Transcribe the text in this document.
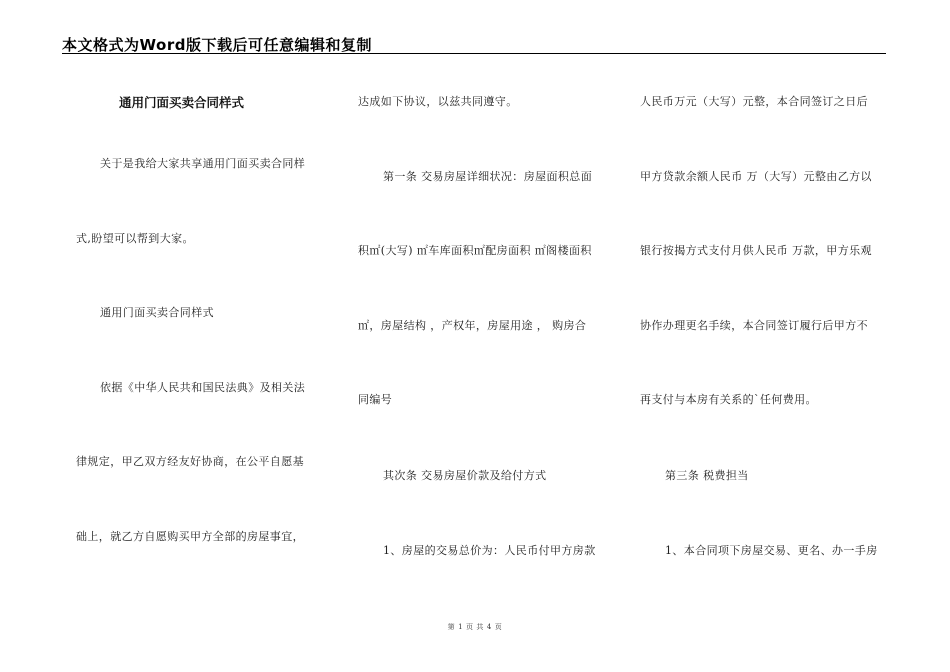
本文格式为Word版下载后可任意编辑和复制
通用门面买卖合同样式
关于是我给大家共享通用门面买卖合同样
式,盼望可以帮到大家。
通用门面买卖合同样式
依据《中华人民共和国民法典》及相关法
律规定，甲乙双方经友好协商，在公平自愿基
础上，就乙方自愿购买甲方全部的房屋事宜，
达成如下协议，以兹共同遵守。
第一条 交易房屋详细状况：房屋面积总面
积㎡(大写) ㎡车库面积㎡配房面积 ㎡阁楼面积
㎡，房屋结构 ，产权年，房屋用途 ， 购房合
同编号
其次条 交易房屋价款及给付方式
1、房屋的交易总价为：人民币付甲方房款
人民币万元（大写）元整，本合同签订之日后
甲方贷款余额人民币 万（大写）元整由乙方以
银行按揭方式支付月供人民币 万款，甲方乐观
协作办理更名手续，本合同签订履行后甲方不
再支付与本房有关系的`任何费用。
第三条 税费担当
1、本合同项下房屋交易、更名、办一手房
第 1 页 共 4 页
